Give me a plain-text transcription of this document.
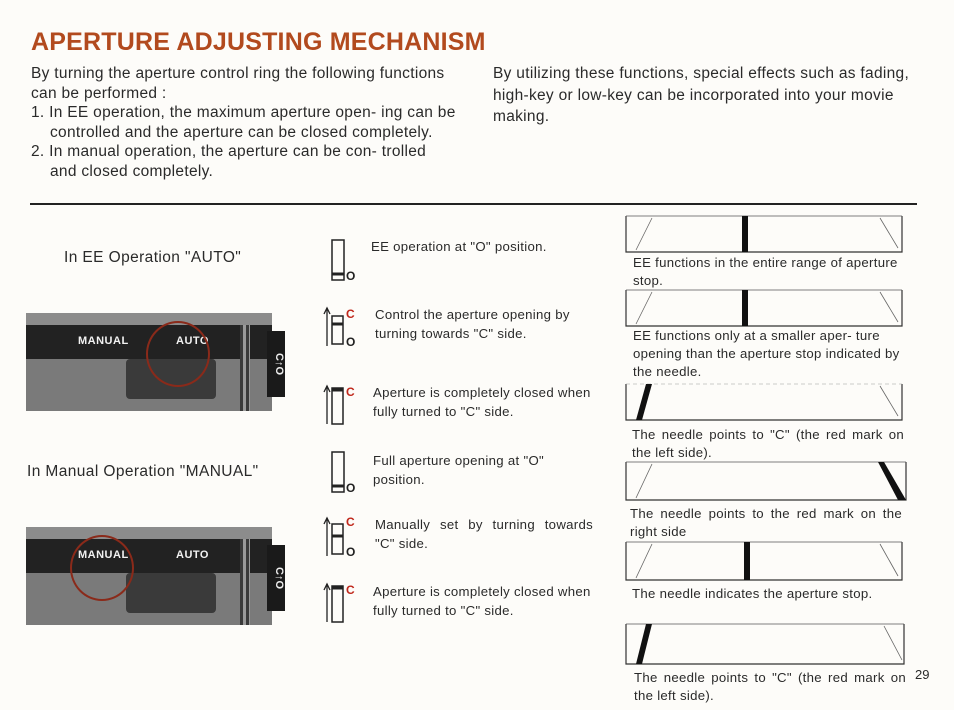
APERTURE ADJUSTING MECHANISM
By turning the aperture control ring the following functions can be performed :
1. In EE operation, the maximum aperture open- ing can be controlled and the aperture can be closed completely.
2. In manual operation, the aperture can be con- trolled and closed completely.
By utilizing these functions, special effects such as fading, high-key or low-key can be incorporated into your movie making.
In EE Operation "AUTO"
In Manual Operation "MANUAL"
MANUAL	AUTO
C↑O
MANUAL	AUTO
C↑O
O
C
O
C
O
C
O
C
EE operation at "O" position.
Control the aperture opening by turning towards "C" side.
Aperture is completely closed when fully turned to "C" side.
Full aperture opening at "O" position.
Manually set by turning towards "C" side.
Aperture is completely closed when fully turned to "C" side.
EE functions in the entire range of aperture stop.
EE functions only at a smaller aper- ture opening than the aperture stop indicated by the needle.
The needle points to "C" (the red mark on the left side).
The needle points to the red mark on the right side
The needle indicates the aperture stop.
The needle points to "C" (the red mark on the left side).
29
